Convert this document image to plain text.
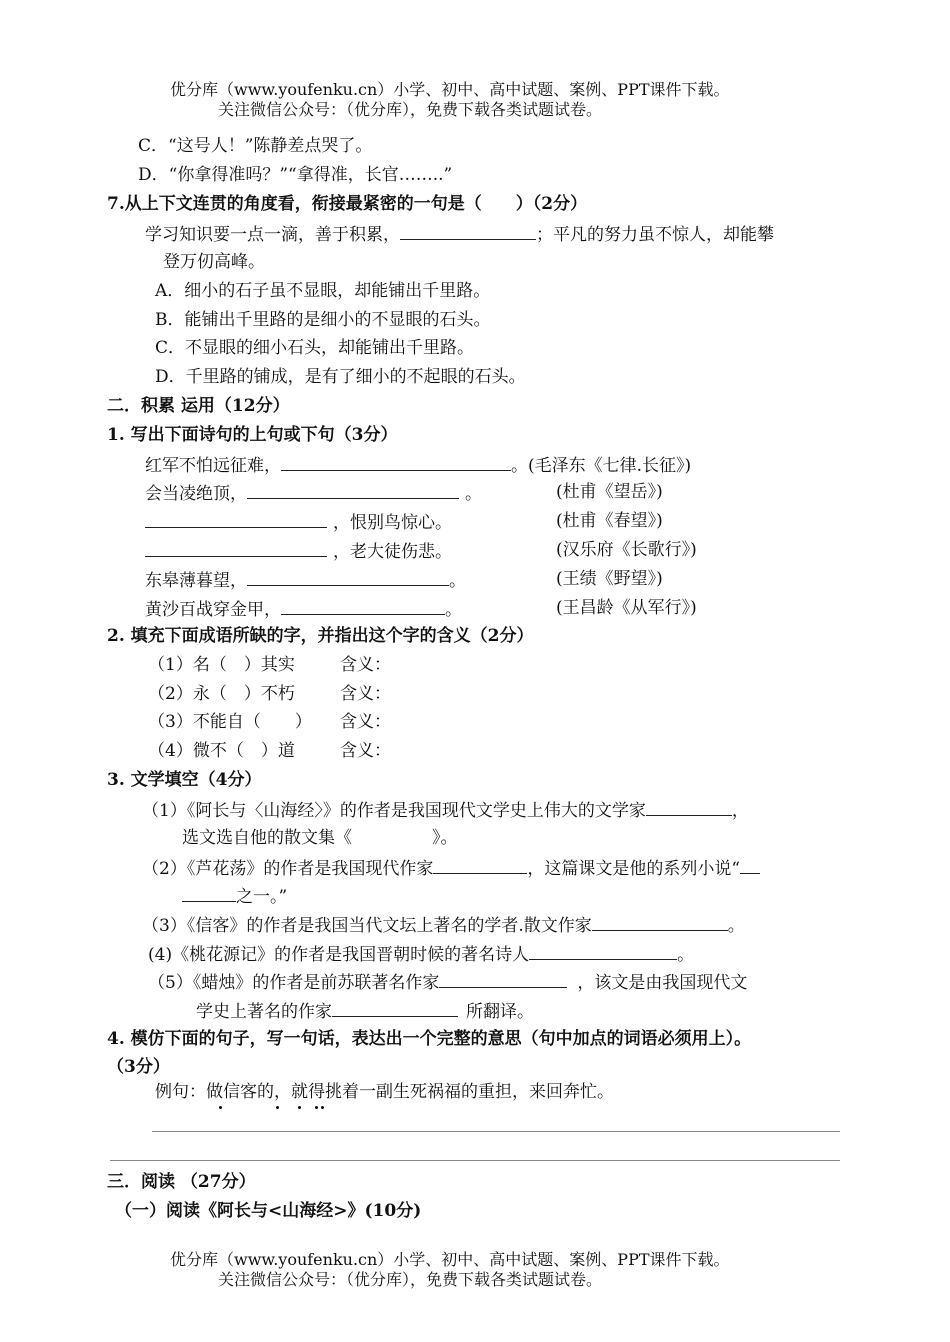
优分库（www.youfenku.cn）小学、初中、高中试题、案例、PPT课件下载。
关注微信公众号：（优分库），免费下载各类试题试卷。
C．“这号人！”陈静差点哭了。
D．“你拿得准吗？”“拿得准，长官……..”
7.从上下文连贯的角度看，衔接最紧密的一句是（　　）（2分）
学习知识要一点一滴，善于积累，	；平凡的努力虽不惊人，却能攀
登万仞高峰。
A．细小的石子虽不显眼，却能铺出千里路。
B．能铺出千里路的是细小的不显眼的石头。
C．不显眼的细小石头，却能铺出千里路。
D．千里路的铺成，是有了细小的不起眼的石头。
二．积累 运用（12分）
1. 写出下面诗句的上句或下句（3分）
红军不怕远征难，	。(毛泽东《七律.长征》)
会当凌绝顶，	。	(杜甫《望岳》)
，恨别鸟惊心。	(杜甫《春望》)
，老大徒伤悲。	(汉乐府《长歌行》)
东皋薄暮望，	。	(王绩《野望》)
黄沙百战穿金甲，	。	(王昌龄《从军行》)
2. 填充下面成语所缺的字，并指出这个字的含义（2分）
（1）名（　）其实	含义：
（2）永（　）不朽	含义：
（3）不能自（　　） 含义：
（4）微不（　）道	含义：
3. 文学填空（4分）
（1）《阿长与〈山海经〉》的作者是我国现代文学史上伟大的文学家	，
选文选自他的散文集《	》。
（2）《芦花荡》的作者是我国现代作家	，这篇课文是他的系列小说“
之一。”
（3）《信客》的作者是我国当代文坛上著名的学者.散文作家	。
(4)《桃花源记》的作者是我国晋朝时候的著名诗人	。
（5）《蜡烛》的作者是前苏联著名作家	，该文是由我国现代文
学史上著名的作家	所翻译。
4. 模仿下面的句子，写一句话，表达出一个完整的意思（句中加点的词语必须用上）。
（3分）
例句：做信客的，就得挑着一副生死祸福的重担，来回奔忙。
三．阅读 （27分）
（一）阅读《阿长与<山海经>》(10分)
优分库（www.youfenku.cn）小学、初中、高中试题、案例、PPT课件下载。
关注微信公众号：（优分库），免费下载各类试题试卷。
